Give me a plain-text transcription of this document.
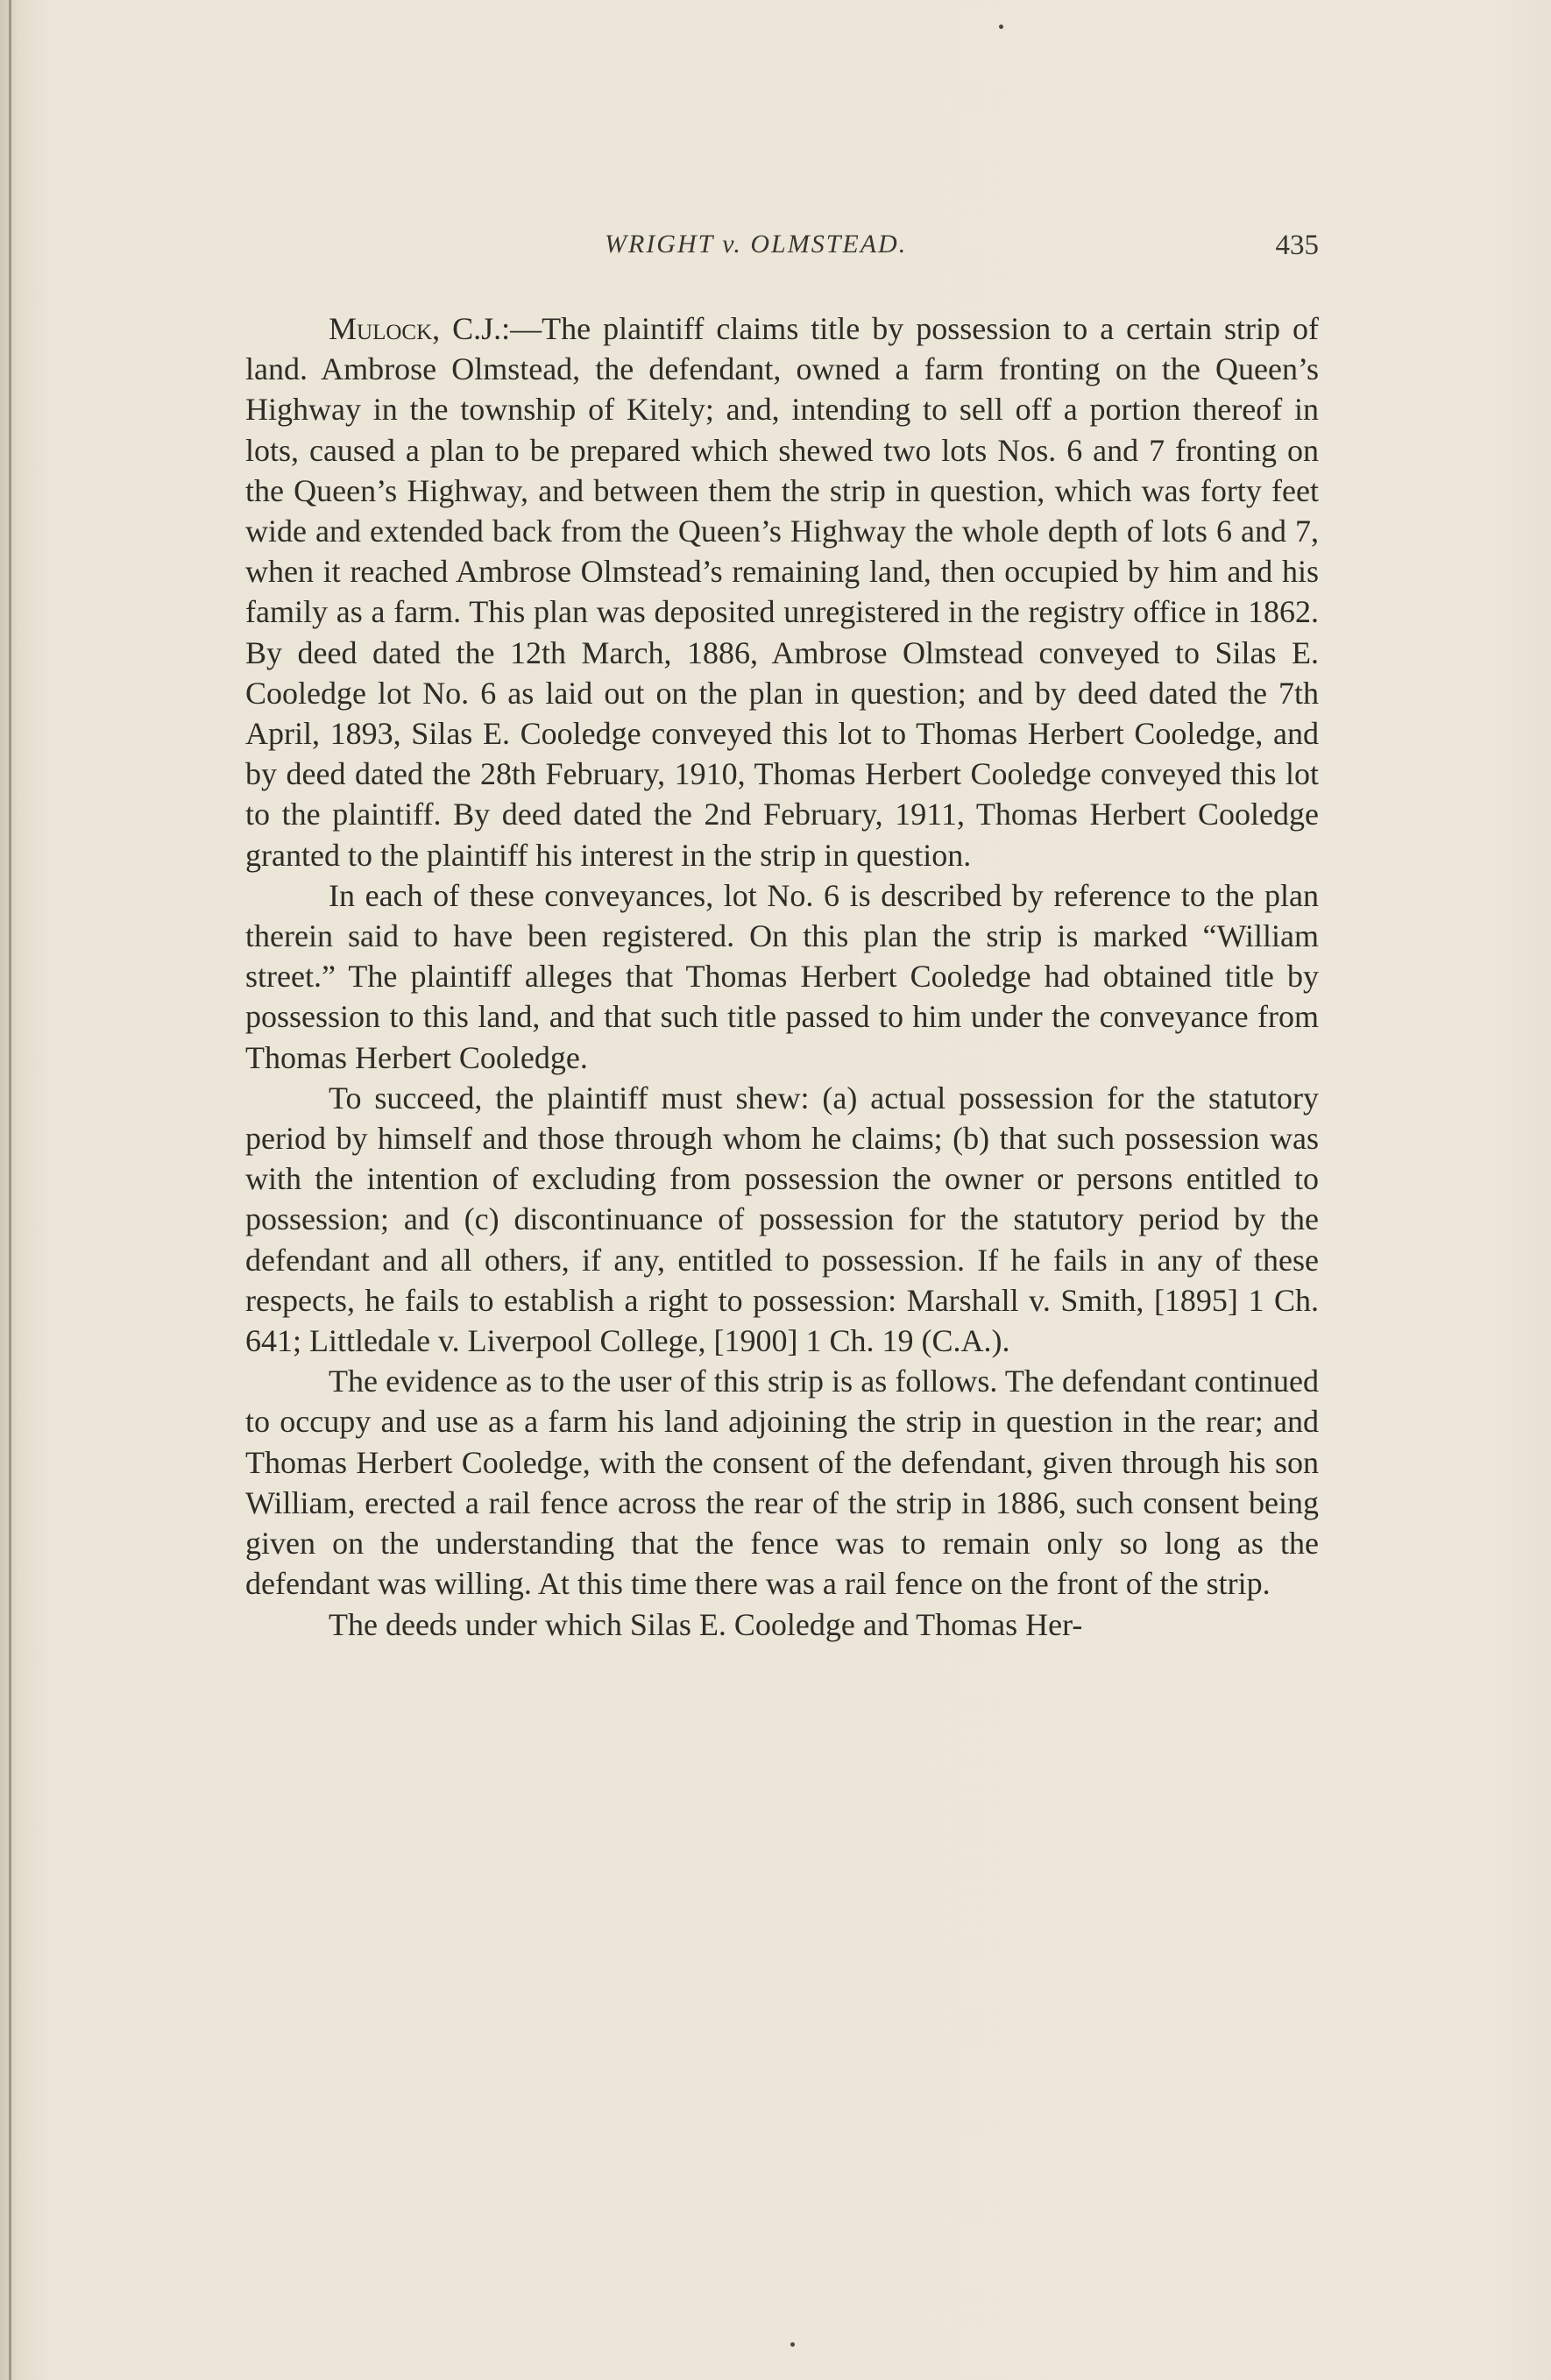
WRIGHT v. OLMSTEAD.	435

Mulock, C.J.:—The plaintiff claims title by possession to a certain strip of land. Ambrose Olmstead, the defendant, owned a farm fronting on the Queen’s Highway in the township of Kitely; and, intending to sell off a portion thereof in lots, caused a plan to be prepared which shewed two lots Nos. 6 and 7 fronting on the Queen’s Highway, and between them the strip in question, which was forty feet wide and extended back from the Queen’s Highway the whole depth of lots 6 and 7, when it reached Ambrose Olmstead’s remaining land, then occupied by him and his family as a farm. This plan was deposited unregistered in the registry office in 1862. By deed dated the 12th March, 1886, Ambrose Olmstead conveyed to Silas E. Cooledge lot No. 6 as laid out on the plan in question; and by deed dated the 7th April, 1893, Silas E. Cooledge conveyed this lot to Thomas Herbert Cooledge, and by deed dated the 28th February, 1910, Thomas Herbert Cooledge conveyed this lot to the plaintiff. By deed dated the 2nd February, 1911, Thomas Herbert Cooledge granted to the plaintiff his interest in the strip in question.

In each of these conveyances, lot No. 6 is described by reference to the plan therein said to have been registered. On this plan the strip is marked “William street.” The plaintiff alleges that Thomas Herbert Cooledge had obtained title by possession to this land, and that such title passed to him under the conveyance from Thomas Herbert Cooledge.

To succeed, the plaintiff must shew: (a) actual possession for the statutory period by himself and those through whom he claims; (b) that such possession was with the intention of excluding from possession the owner or persons entitled to possession; and (c) discontinuance of possession for the statutory period by the defendant and all others, if any, entitled to possession. If he fails in any of these respects, he fails to establish a right to possession: Marshall v. Smith, [1895] 1 Ch. 641; Littledale v. Liverpool College, [1900] 1 Ch. 19 (C.A.).

The evidence as to the user of this strip is as follows. The defendant continued to occupy and use as a farm his land adjoining the strip in question in the rear; and Thomas Herbert Cooledge, with the consent of the defendant, given through his son William, erected a rail fence across the rear of the strip in 1886, such consent being given on the understanding that the fence was to remain only so long as the defendant was willing. At this time there was a rail fence on the front of the strip.

The deeds under which Silas E. Cooledge and Thomas Her-
